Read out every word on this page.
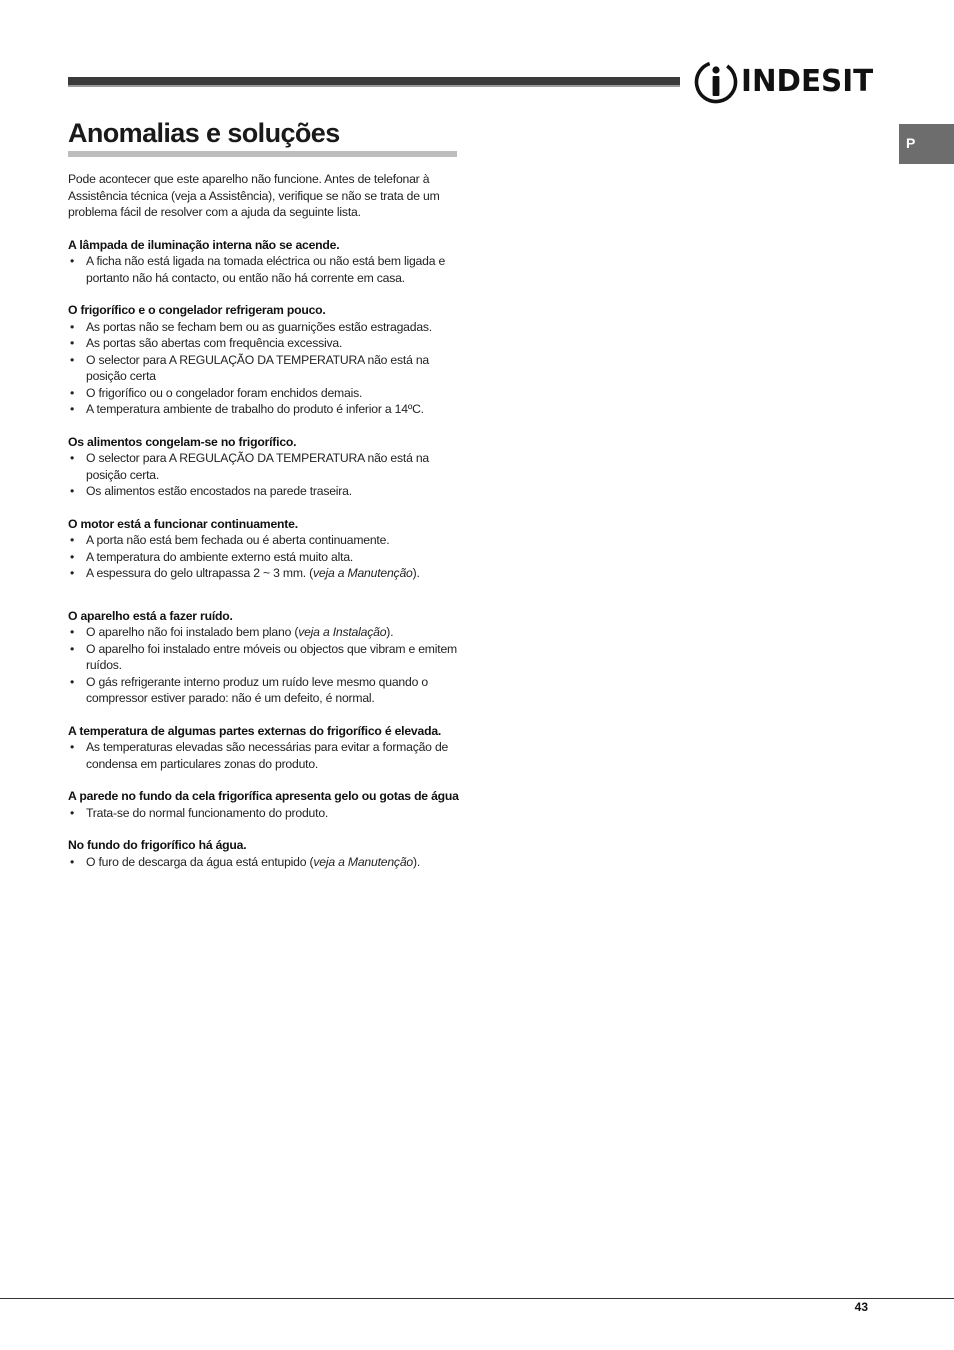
INDESIT
P
Anomalias e soluções

Pode acontecer que este aparelho não funcione. Antes de telefonar à Assistência técnica (veja a Assistência), verifique se não se trata de um problema fácil de resolver com a ajuda da seguinte lista.

A lâmpada de iluminação interna não se acende.
• A ficha não está ligada na tomada eléctrica ou não está bem ligada e portanto não há contacto, ou então não há corrente em casa.
O frigorífico e o congelador refrigeram pouco.
• As portas não se fecham bem ou as guarnições estão estragadas.
• As portas são abertas com frequência excessiva.
• O selector para A REGULAÇÃO DA TEMPERATURA não está na posição certa
• O frigorífico ou o congelador foram enchidos demais.
• A temperatura ambiente de trabalho do produto é inferior a 14ºC.
Os alimentos congelam-se no frigorífico.
• O selector para A REGULAÇÃO DA TEMPERATURA não está na posição certa.
• Os alimentos estão encostados na parede traseira.
O motor está a funcionar continuamente.
• A porta não está bem fechada ou é aberta continuamente.
• A temperatura do ambiente externo está muito alta.
• A espessura do gelo ultrapassa 2 ~ 3 mm. (veja a Manutenção).
O aparelho está a fazer ruído.
• O aparelho não foi instalado bem plano (veja a Instalação).
• O aparelho foi instalado entre móveis ou objectos que vibram e emitem ruídos.
• O gás refrigerante interno produz um ruído leve mesmo quando o compressor estiver parado: não é um defeito, é normal.
A temperatura de algumas partes externas do frigorífico é elevada.
• As temperaturas elevadas são necessárias para evitar a formação de condensa em particulares zonas do produto.
A parede no fundo da cela frigorífica apresenta gelo ou gotas de água
• Trata-se do normal funcionamento do produto.
No fundo do frigorífico há água.
• O furo de descarga da água está entupido (veja a Manutenção).
43
